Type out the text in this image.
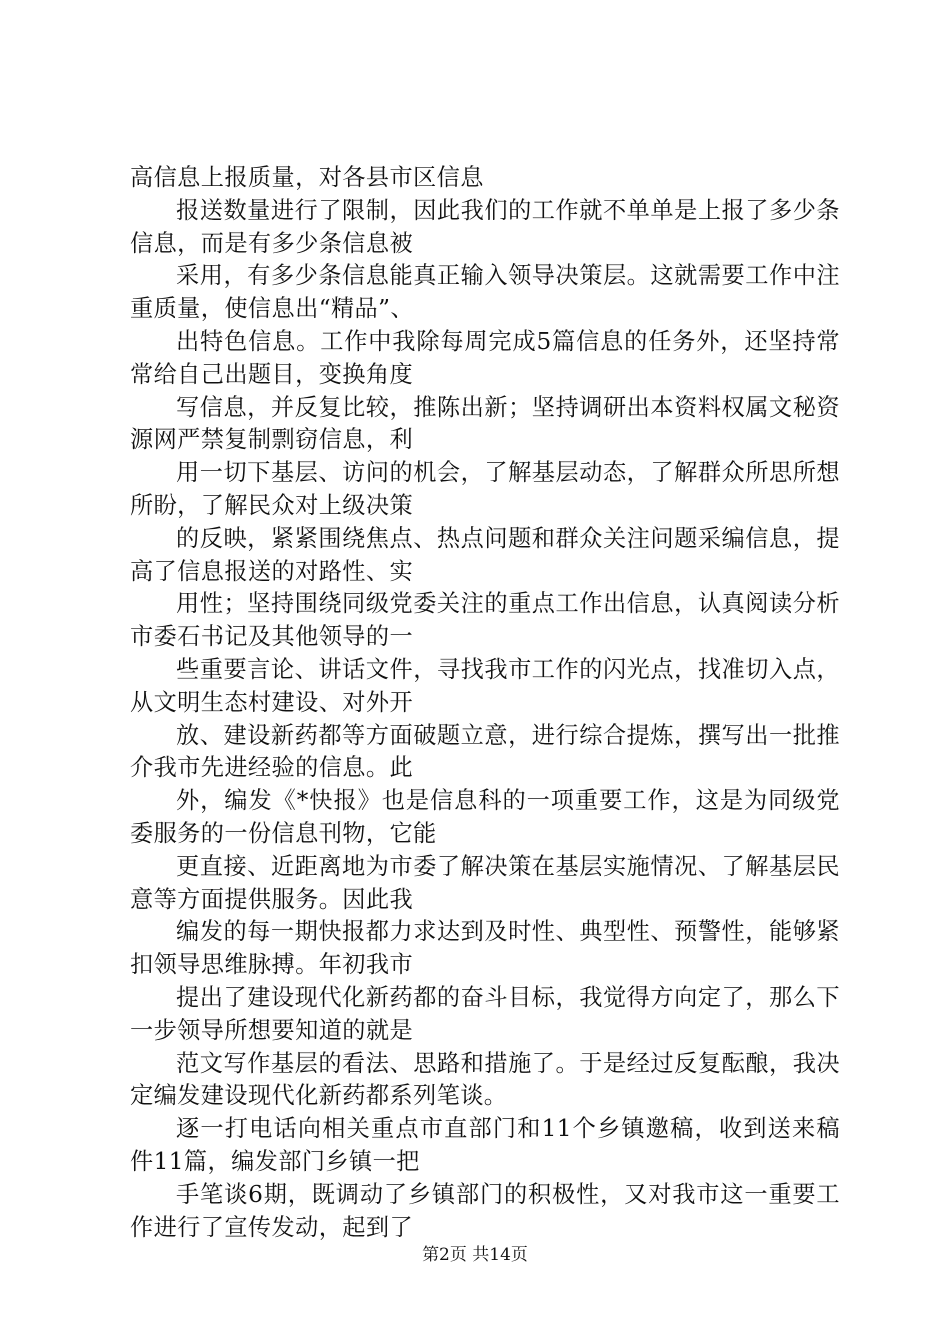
高信息上报质量，对各县市区信息

报送数量进行了限制，因此我们的工作就不单单是上报了多少条信息，而是有多少条信息被

采用，有多少条信息能真正输入领导决策层。这就需要工作中注重质量，使信息出“精品”、

出特色信息。工作中我除每周完成5篇信息的任务外，还坚持常常给自己出题目，变换角度

写信息，并反复比较，推陈出新；坚持调研出本资料权属文秘资源网严禁复制剽窃信息，利

用一切下基层、访问的机会，了解基层动态，了解群众所思所想所盼，了解民众对上级决策

的反映，紧紧围绕焦点、热点问题和群众关注问题采编信息，提高了信息报送的对路性、实

用性；坚持围绕同级党委关注的重点工作出信息，认真阅读分析市委石书记及其他领导的一

些重要言论、讲话文件，寻找我市工作的闪光点，找准切入点，从文明生态村建设、对外开

放、建设新药都等方面破题立意，进行综合提炼，撰写出一批推介我市先进经验的信息。此

外，编发《*快报》也是信息科的一项重要工作，这是为同级党委服务的一份信息刊物，它能

更直接、近距离地为市委了解决策在基层实施情况、了解基层民意等方面提供服务。因此我

编发的每一期快报都力求达到及时性、典型性、预警性，能够紧扣领导思维脉搏。年初我市

提出了建设现代化新药都的奋斗目标，我觉得方向定了，那么下一步领导所想要知道的就是

范文写作基层的看法、思路和措施了。于是经过反复酝酿，我决定编发建设现代化新药都系列笔谈。

逐一打电话向相关重点市直部门和11个乡镇邀稿，收到送来稿件11篇，编发部门乡镇一把

手笔谈6期，既调动了乡镇部门的积极性，又对我市这一重要工作进行了宣传发动，起到了

第2页 共14页
